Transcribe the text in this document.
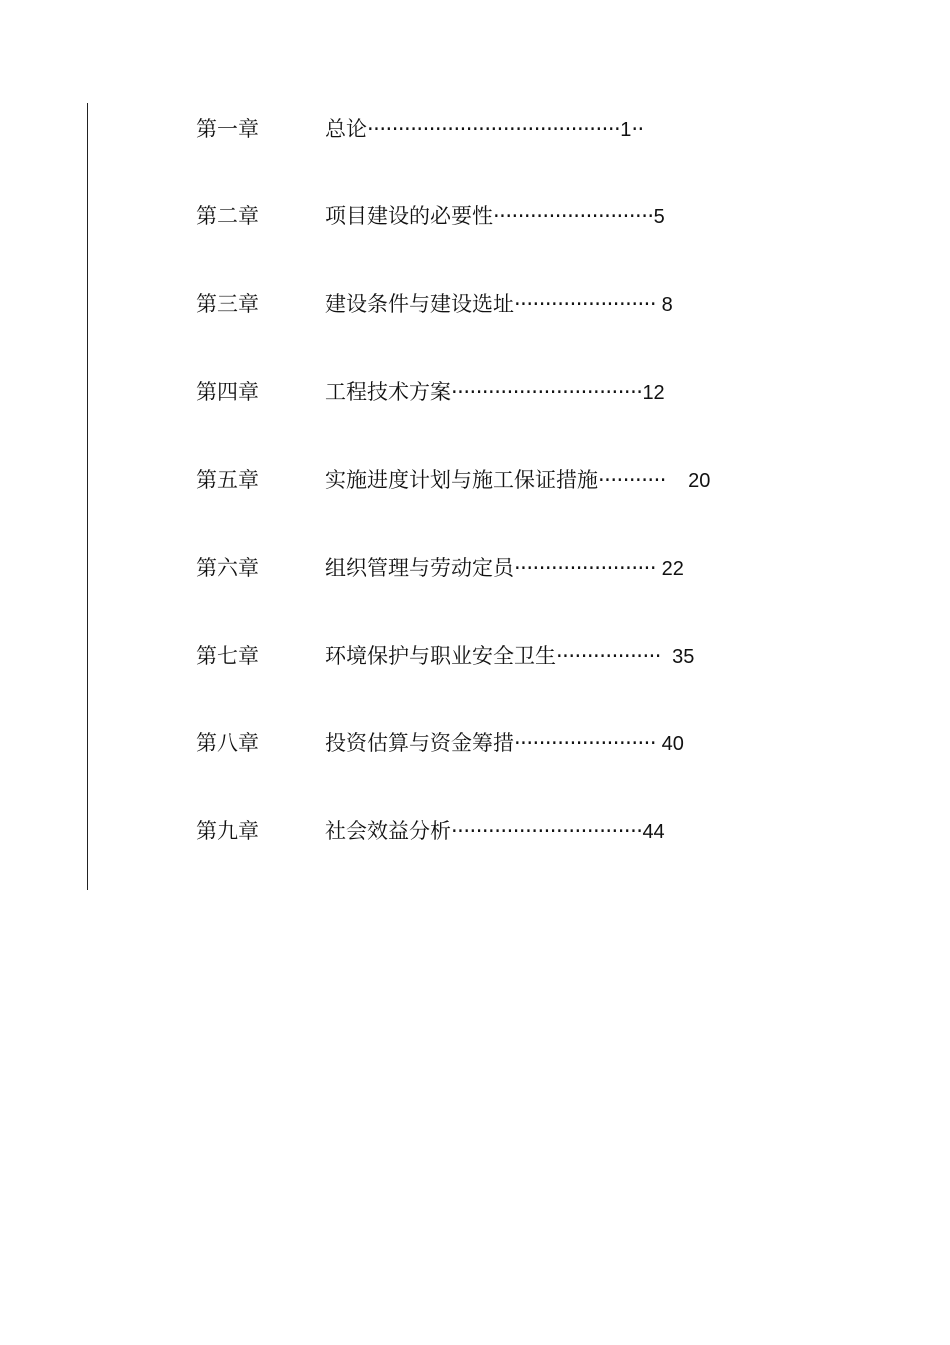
第一章	总论·········································1··
第二章	项目建设的必要性··························5
第三章	建设条件与建设选址······················· 8
第四章	工程技术方案·······························12
第五章	实施进度计划与施工保证措施···········    20
第六章	组织管理与劳动定员······················· 22
第七章	环境保护与职业安全卫生·················  35
第八章	投资估算与资金筹措······················· 40
第九章	社会效益分析·······························44
